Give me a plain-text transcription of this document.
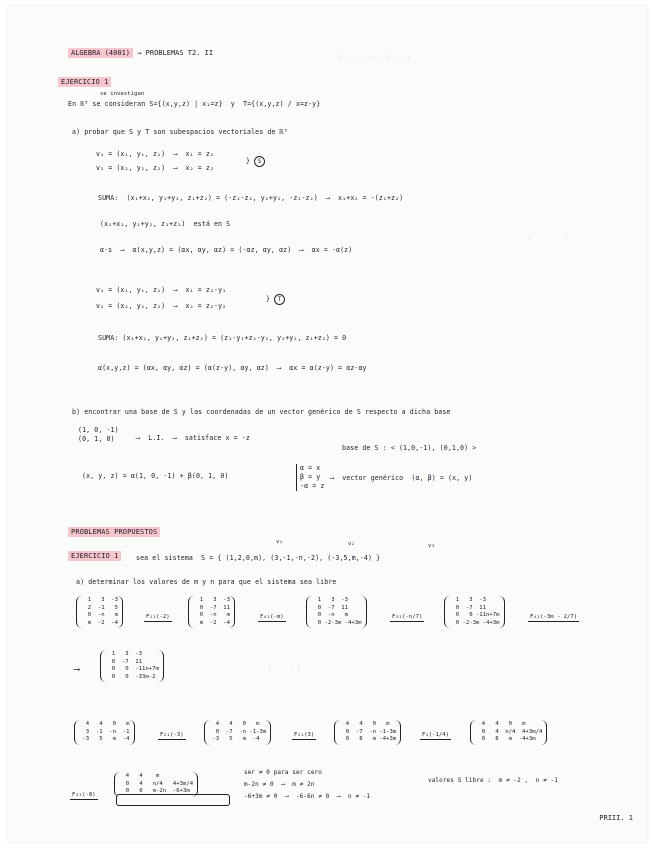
(- — — — —)  (— — —)
( .  .  . )
( '   ' )
ALGEBRA (4001) → PROBLEMAS T2. II
EJERCICIO 1
se investigan
En ℝ³ se consideran S={(x,y,z) | x₁=z}  y  T={(x,y,z) / x=z-y}
a) probar que S y T son subespacios vectoriales de ℝ³
v₁ = (x₁, y₁, z₁)  ⟶  x₁ = z₁
v₂ = (x₂, y₂, z₂)  ⟶  x₂ = z₂
} S
SUMA:  (x₁+x₂, y₁+y₂, z₁+z₂) = (-z₁-z₂, y₁+y₂, -z₁-z₂)  ⟶  x₁+x₂ = -(z₁+z₂)
(x₁+x₂, y₁+y₂, z₁+z₂)  está en S
α·s  ⟶  α(x,y,z) = (αx, αy, αz) = (-αz, αy, αz)  ⟶  αx = -α(z)
v₁ = (x₁, y₁, z₁)  ⟶  x₁ = z₁-y₁
v₂ = (x₂, y₂, z₂)  ⟶  x₂ = z₂-y₂
} T
SUMA: (x₁+x₂, y₁+y₂, z₁+z₂) = (z₁-y₁+z₂-y₂, y₁+y₂, z₁+z₂) = 0
α(x,y,z) = (αx, αy, αz) = (α(z-y), αy, αz)  ⟶  αx = α(z-y) = αz-αy
b) encontrar una base de S y las coordenadas de un vector genérico de S respecto a dicha base
(1, 0, -1)
(0, 1, 0)	⟶  L.I.  ⟶  satisface x = -z
base de S : < (1,0,-1), (0,1,0) >
(x, y, z) = α(1, 0, -1) + β(0, 1, 0)
α = x
β = y
-α = z
⟶  vector genérico  (α, β) = (x, y)
PROBLEMAS PROPUESTOS
EJERCICIO 1	sea el sistema  S = { (1,2,0,m), (3,-1,-n,-2), (-3,5,m,-4) }
v₁	v₂	v₃
a) determinar los valores de m y n para que el sistema sea libre
1   3  -3
2  -1   5
0  -n   m
m  -2  -4
F₂₁(-2)
1   3  -3
0  -7  11
0  -n   m
m  -2  -4
F₄₁(-m)
1   3  -3
0  -7  11
0  -n   m
0 -2-3m -4+3m
F₃₂(-n/7)
1   3  -3
0  -7  11
0   0 -11n+7m
0 -2-3m -4+3m
F₄₂(-3m - 2/7)
⟶
1   3  -3
0  -7  11
0   0  -11n+7m
0   0  -33m-2
4   4   0   m
3  -1  -n  -1
-3   5   m  -4
F₂₁(-3)
4   4   0   m
0  -7  -n -1-3m
-3   5   m  -4
F₃₁(3)
4   4   0   m
0  -7  -n -1-3m
0   8   m -4+3m
F₂(-1/4)
4   4   0   m
0   4  n/4  4+3m/4
0   8   m  -4+3m
F₃₂(-8)
4   4    m
0   4   n/4   4+3m/4
0   0   m-2n  -6+3m
ser ≠ 0 para ser cero
m-2n ≠ 0  ⟶  m ≠ 2n
-6+3m ≠ 0  ⟶  -6-6n ≠ 0  ⟶  n ≠ -1
valores S libre :  m ≠ -2 ,  n ≠ -1
PRIII. 1
